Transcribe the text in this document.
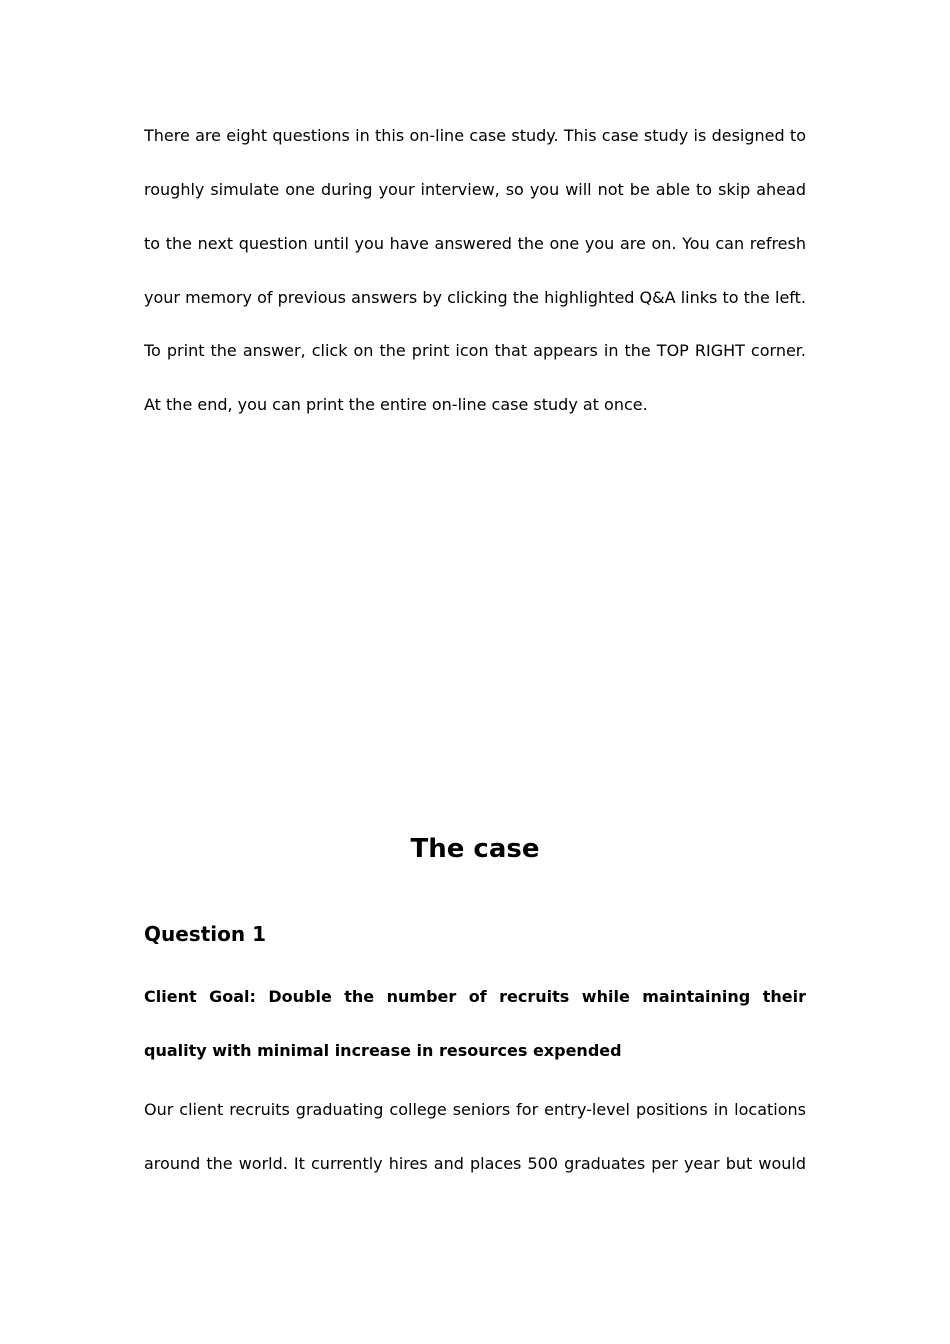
There are eight questions in this on-line case study. This case study is designed to
roughly simulate one during your interview, so you will not be able to skip ahead
to the next question until you have answered the one you are on. You can refresh
your memory of previous answers by clicking the highlighted Q&A links to the left.
To print the answer, click on the print icon that appears in the TOP RIGHT corner.
At the end, you can print the entire on-line case study at once.
Client Goal: Double the number of recruits while maintaining their
quality with minimal increase in resources expended
Our client recruits graduating college seniors for entry-level positions in locations
around the world. It currently hires and places 500 graduates per year but would
The case
Question 1
